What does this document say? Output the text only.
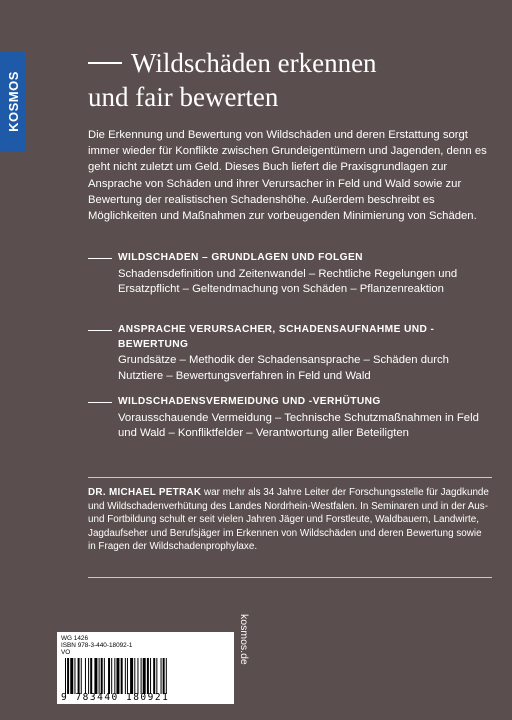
KOSMOS
Wildschäden erkennen
und fair bewerten

Die Erkennung und Bewertung von Wildschäden und deren Erstattung sorgt immer wieder für Konflikte zwischen Grundeigentümern und Jagenden, denn es geht nicht zuletzt um Geld. Dieses Buch liefert die Praxisgrundlagen zur Ansprache von Schäden und ihrer Verursacher in Feld und Wald sowie zur Bewertung der realistischen Schadenshöhe. Außerdem beschreibt es Möglichkeiten und Maßnahmen zur vorbeugenden Minimierung von Schäden.

WILDSCHADEN – GRUNDLAGEN UND FOLGEN

Schadensdefinition und Zeitenwandel – Rechtliche Regelungen und Ersatzpflicht – Geltendmachung von Schäden – Pflanzenreaktion

ANSPRACHE VERURSACHER, SCHADENSAUFNAHME UND -BEWERTUNG

Grundsätze – Methodik der Schadensansprache – Schäden durch Nutztiere – Bewertungsverfahren in Feld und Wald

WILDSCHADENSVERMEIDUNG UND -VERHÜTUNG

Vorausschauende Vermeidung – Technische Schutzmaßnahmen in Feld und Wald – Konfliktfelder – Verantwortung aller Beteiligten

DR. MICHAEL PETRAK war mehr als 34 Jahre Leiter der Forschungsstelle für Jagdkunde und Wildschadenverhütung des Landes Nordrhein-Westfalen. In Seminaren und in der Aus- und Fortbildung schult er seit vielen Jahren Jäger und Forstleute, Waldbauern, Landwirte, Jagdaufseher und Berufsjäger im Erkennen von Wildschäden und deren Bewertung sowie in Fragen der Wildschadenprophylaxe.

WG 1426
ISBN 978-3-440-18092-1
VO
9 783440 180921
kosmos.de
